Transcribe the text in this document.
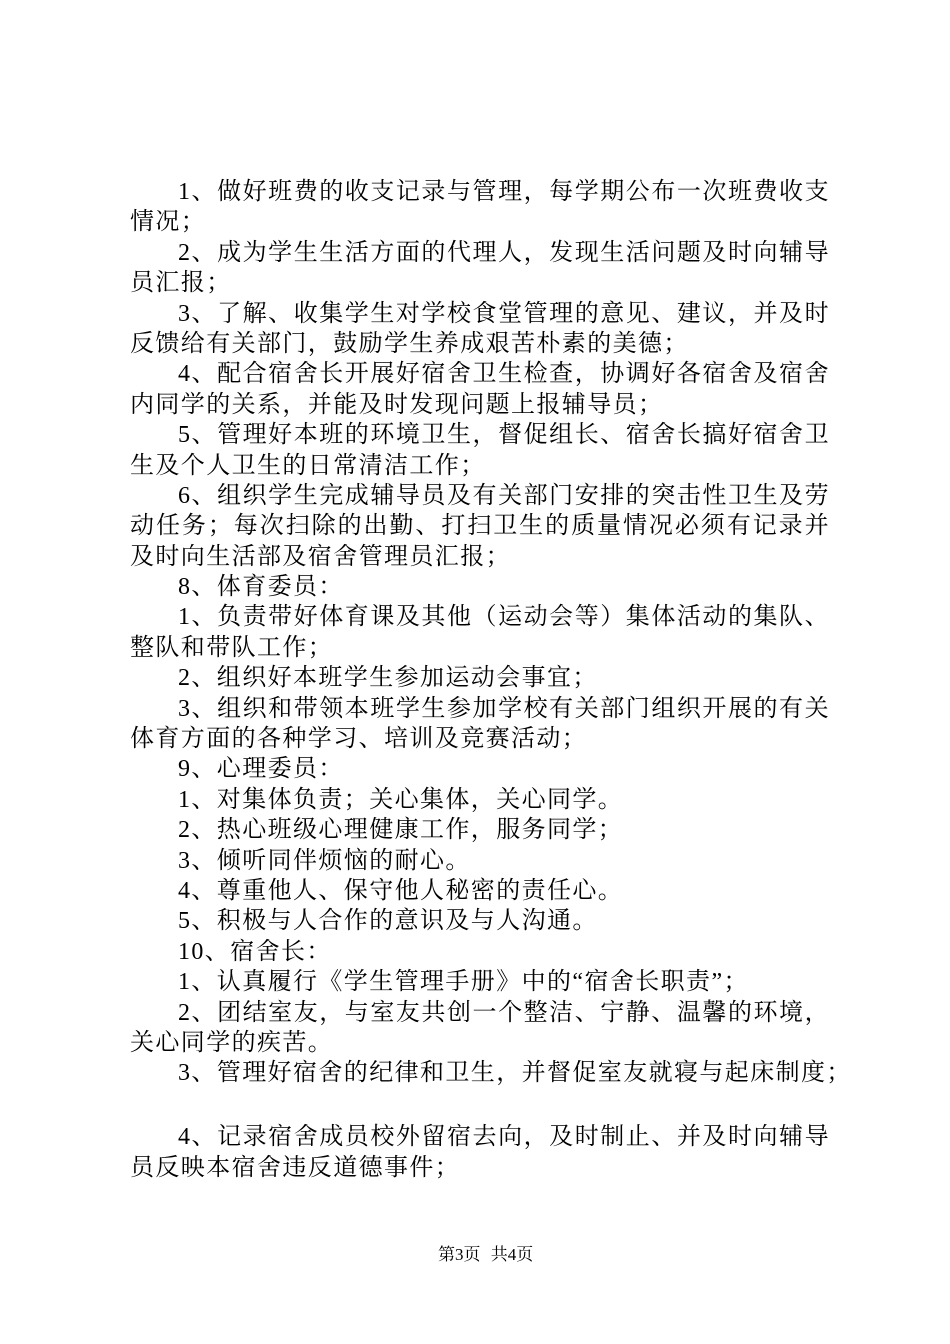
1、做好班费的收支记录与管理，每学期公布一次班费收支
情况；
2、成为学生生活方面的代理人，发现生活问题及时向辅导
员汇报；
3、了解、收集学生对学校食堂管理的意见、建议，并及时
反馈给有关部门，鼓励学生养成艰苦朴素的美德；
4、配合宿舍长开展好宿舍卫生检查，协调好各宿舍及宿舍
内同学的关系，并能及时发现问题上报辅导员；
5、管理好本班的环境卫生，督促组长、宿舍长搞好宿舍卫
生及个人卫生的日常清洁工作；
6、组织学生完成辅导员及有关部门安排的突击性卫生及劳
动任务；每次扫除的出勤、打扫卫生的质量情况必须有记录并
及时向生活部及宿舍管理员汇报；
8、体育委员：
1、负责带好体育课及其他（运动会等）集体活动的集队、
整队和带队工作；
2、组织好本班学生参加运动会事宜；
3、组织和带领本班学生参加学校有关部门组织开展的有关
体育方面的各种学习、培训及竞赛活动；
9、心理委员：
1、对集体负责；关心集体，关心同学。
2、热心班级心理健康工作，服务同学；
3、倾听同伴烦恼的耐心。
4、尊重他人、保守他人秘密的责任心。
5、积极与人合作的意识及与人沟通。
10、宿舍长：
1、认真履行《学生管理手册》中的“宿舍长职责”；
2、团结室友，与室友共创一个整洁、宁静、温馨的环境，
关心同学的疾苦。
3、管理好宿舍的纪律和卫生，并督促室友就寝与起床制度；
4、记录宿舍成员校外留宿去向，及时制止、并及时向辅导
员反映本宿舍违反道德事件；
第3页 共4页
